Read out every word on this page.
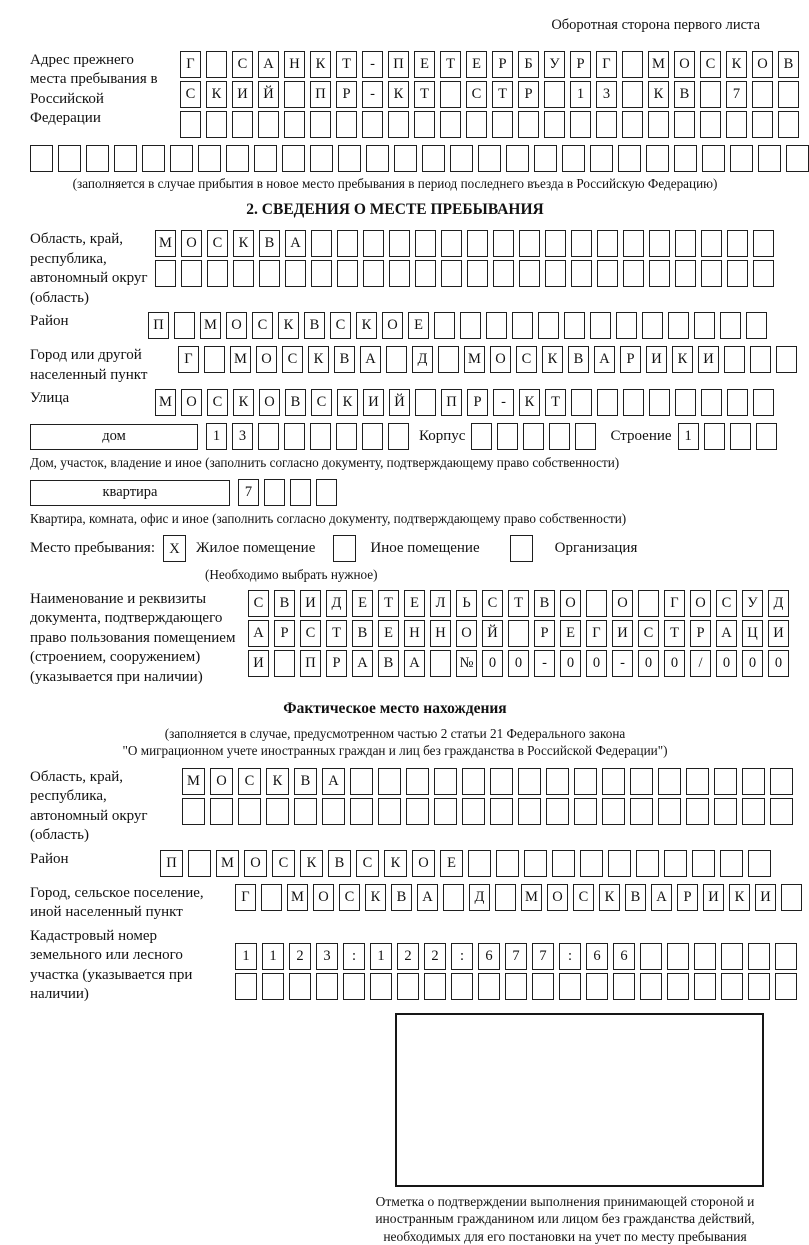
Оборотная сторона первого листа
Адрес прежнего места пребывания в Российской Федерации
Г	С	А	Н	К	Т	-	П	Е	Т	Е	Р	Б	У	Р	Г	М О	С	К	О	В
С	К	И	Й	П	Р	-	К	Т	С	Т	Р	1	3	К	В	7
(заполняется в случае прибытия в новое место пребывания в период последнего въезда в Российскую Федерацию)
2. СВЕДЕНИЯ О МЕСТЕ ПРЕБЫВАНИЯ
Область, край, республика, автономный округ (область)
М О	С	К	В	А
Район	П	М О	С	К	В	С	К	О	Е
Город или другой населенный пункт
Г	М О	С	К	В	А	Д	М О	С	К	В	А	Р	И	К	И
Улица	М О	С	К	О	В	С	К	И	Й	П	Р	-	К	Т
дом	1	3	Корпус	Строение 1
Дом, участок, владение и иное (заполнить согласно документу, подтверждающему право собственности)
квартира	7
Квартира, комната, офис и иное (заполнить согласно документу, подтверждающему право собственности)
Место пребывания: X	Жилое помещение	Иное помещение	Организация
(Необходимо выбрать нужное)
Наименование и реквизиты документа, подтверждающего право пользования помещением (строением, сооружением) (указывается при наличии)
С	В	И	Д	Е	Т	Е	Л	Ь	С	Т	В	О	О	Г	О	С	У	Д
А	Р	С	Т	В	Е	Н	Н	О	Й	Р	Е	Г	И	С	Т	Р	А	Ц	И
И	П	Р	А	В	А	№	0	0	-	0	0	-	0	0	/	0	0	0
Фактическое место нахождения
(заполняется в случае, предусмотренном частью 2 статьи 21 Федерального закона
"О миграционном учете иностранных граждан и лиц без гражданства в Российской Федерации")
Область, край, республика, автономный округ (область)
М	О	С	К	В	А
Район	П	М	О	С	К	В	С	К	О	Е
Город, сельское поселение, иной населенный пункт
Г	М О	С	К	В	А	Д	М О	С	К	В	А	Р	И	К	И
Кадастровый номер земельного или лесного участка (указывается при наличии)
1	1	2	3	:	1	2	2	:	6	7	7	:	6	6
Отметка о подтверждении выполнения принимающей стороной и иностранным гражданином или лицом без гражданства действий, необходимых для его постановки на учет по месту пребывания
